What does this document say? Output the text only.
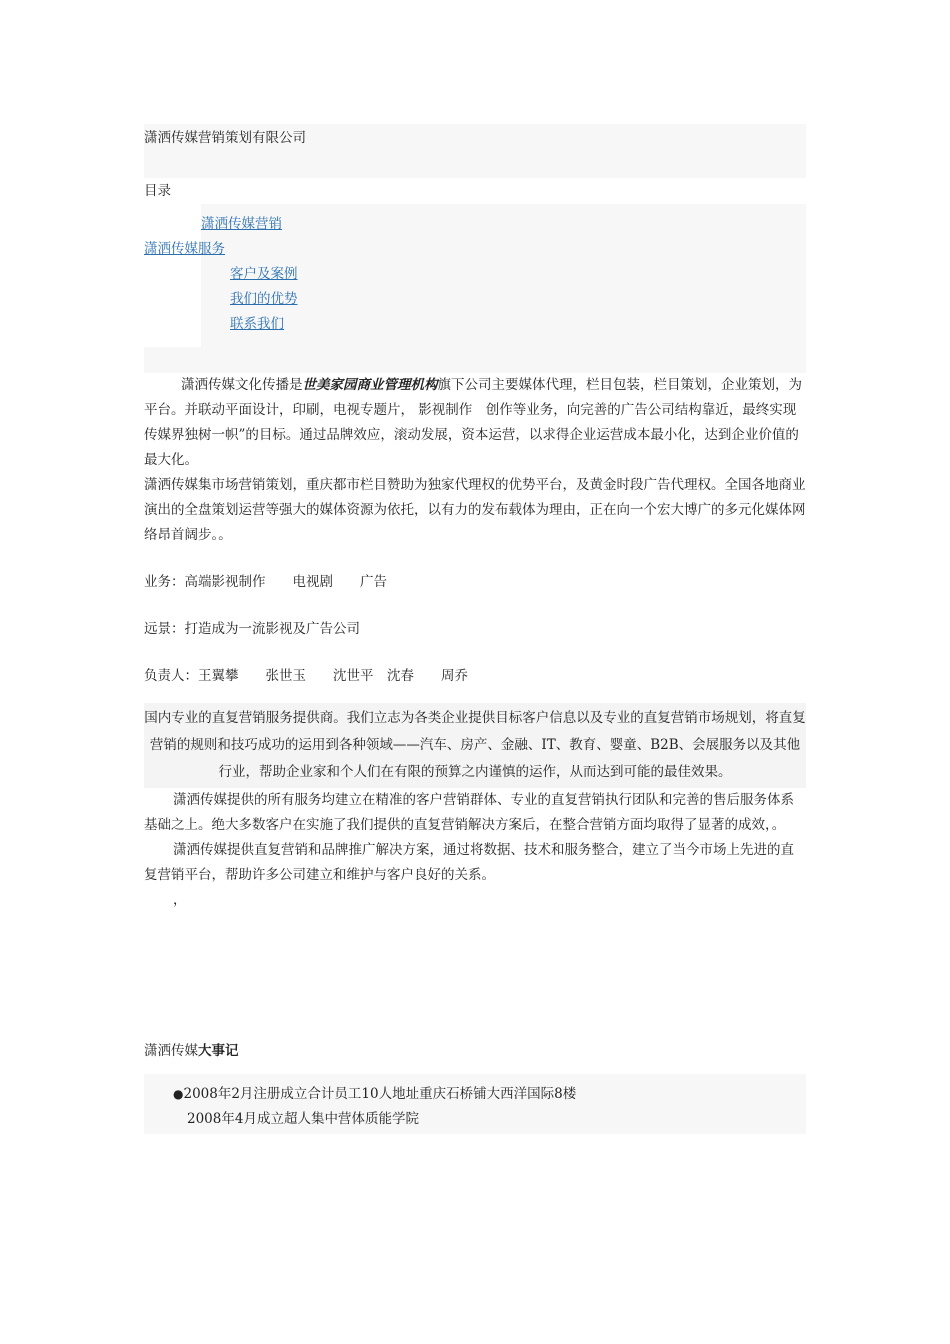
潇洒传媒营销策划有限公司
目录
潇洒传媒营销
潇洒传媒服务
客户及案例
我们的优势
联系我们

潇洒传媒文化传播是世美家园商业管理机构旗下公司主要媒体代理，栏目包装，栏目策划，企业策划，为平台。并联动平面设计，印刷，电视专题片， 影视制作　创作等业务，向完善的广告公司结构靠近，最终实现传媒界独树一帜”的目标。通过品牌效应，滚动发展，资本运营，以求得企业运营成本最小化，达到企业价值的最大化。

潇洒传媒集市场营销策划，重庆都市栏目赞助为独家代理权的优势平台，及黄金时段广告代理权。全国各地商业演出的全盘策划运营等强大的媒体资源为依托，以有力的发布载体为理由，正在向一个宏大博广的多元化媒体网络昂首阔步。。

业务：高端影视制作　　电视剧　　广告

远景：打造成为一流影视及广告公司

负责人：王翼攀　　张世玉　　沈世平　沈春　　周乔

国内专业的直复营销服务提供商。我们立志为各类企业提供目标客户信息以及专业的直复营销市场规划，将直复营销的规则和技巧成功的运用到各种领域——汽车、房产、金融、IT、教育、婴童、B2B、会展服务以及其他行业，帮助企业家和个人们在有限的预算之内谨慎的运作，从而达到可能的最佳效果。

潇洒传媒提供的所有服务均建立在精准的客户营销群体、专业的直复营销执行团队和完善的售后服务体系基础之上。绝大多数客户在实施了我们提供的直复营销解决方案后，在整合营销方面均取得了显著的成效，。

潇洒传媒提供直复营销和品牌推广解决方案，通过将数据、技术和服务整合，建立了当今市场上先进的直复营销平台，帮助许多公司建立和维护与客户良好的关系。

，

潇洒传媒大事记
●2008年2月注册成立合计员工10人地址重庆石桥铺大西洋国际8楼
2008年4月成立超人集中营体质能学院
